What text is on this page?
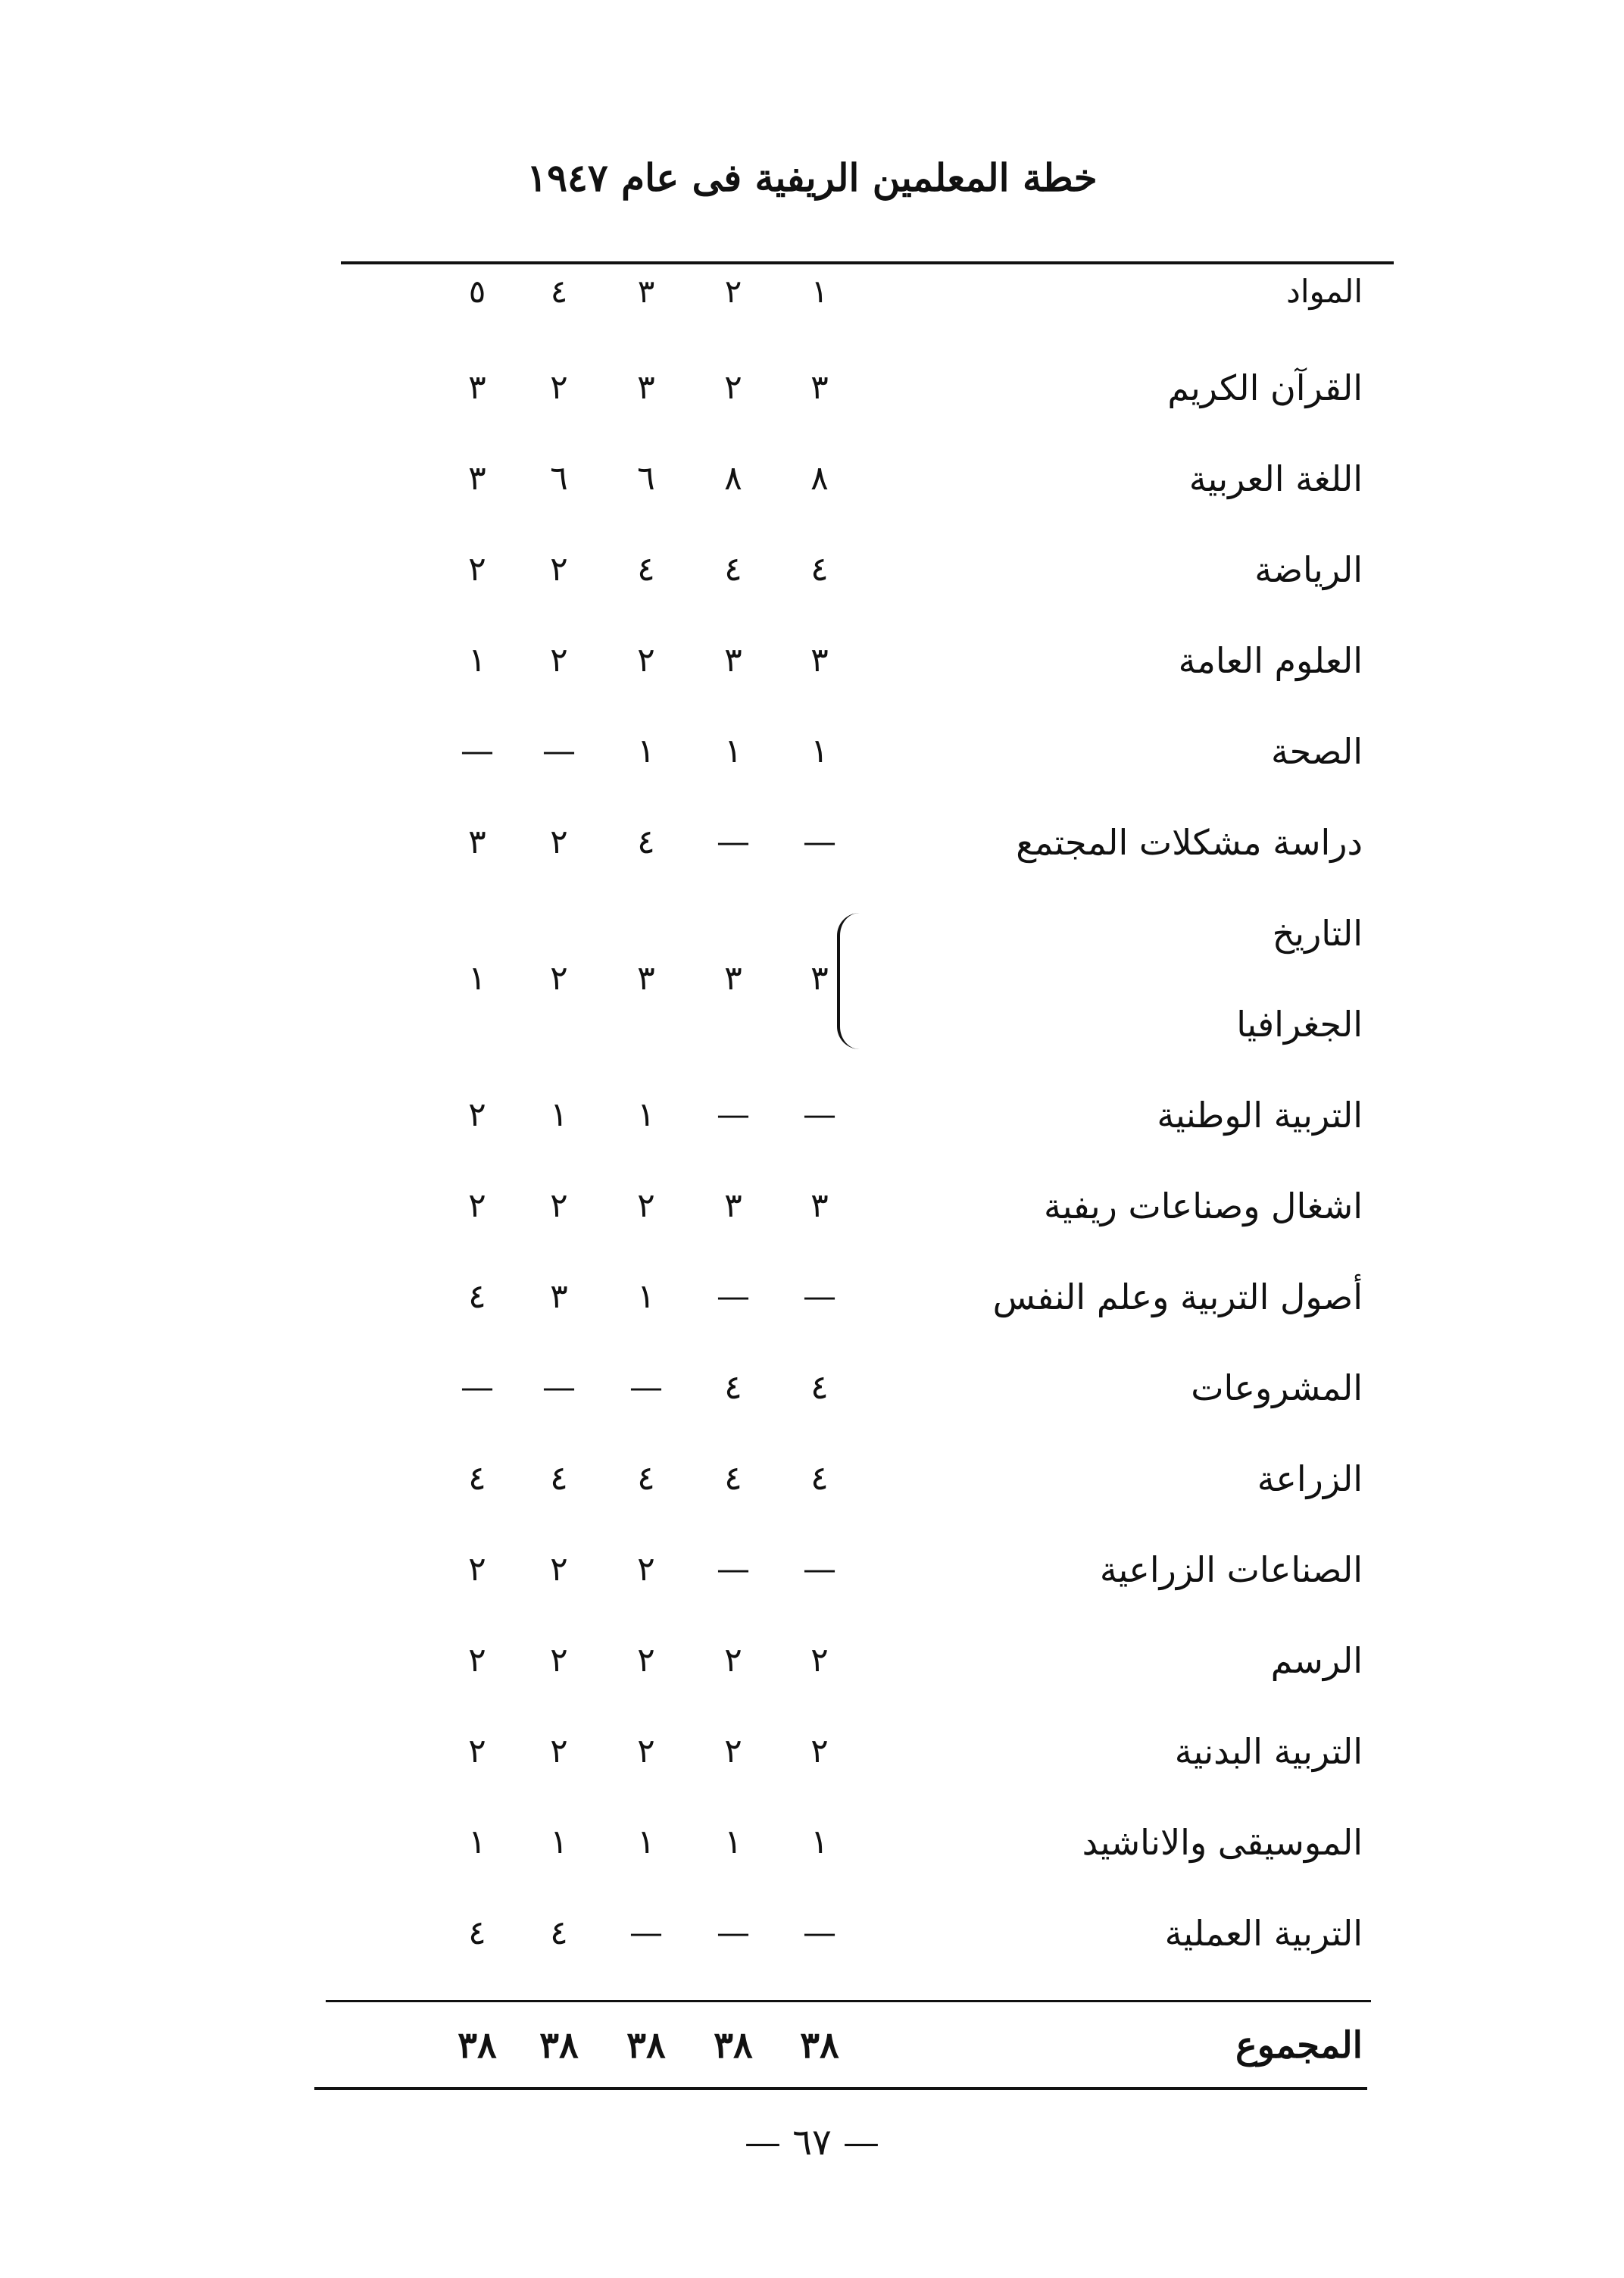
خطة المعلمين الريفية فى عام ١٩٤٧
المواد
١
٢
٣
٤
٥
القرآن الكريم
٣
٢
٣
٢
٣
اللغة العربية
٨
٨
٦
٦
٣
الرياضة
٤
٤
٤
٢
٢
العلوم العامة
٣
٣
٢
٢
١
الصحة
١
١
١
—
—
دراسة مشكلات المجتمع
—
—
٤
٢
٣
التاريخ
الجغرافيا
٣
٣
٣
٢
١
التربية الوطنية
—
—
١
١
٢
اشغال وصناعات ريفية
٣
٣
٢
٢
٢
أصول التربية وعلم النفس
—
—
١
٣
٤
المشروعات
٤
٤
—
—
—
الزراعة
٤
٤
٤
٤
٤
الصناعات الزراعية
—
—
٢
٢
٢
الرسم
٢
٢
٢
٢
٢
التربية البدنية
٢
٢
٢
٢
٢
الموسيقى والاناشيد
١
١
١
١
١
التربية العملية
—
—
—
٤
٤
المجموع
٣٨
٣٨
٣٨
٣٨
٣٨
— ٦٧ —
